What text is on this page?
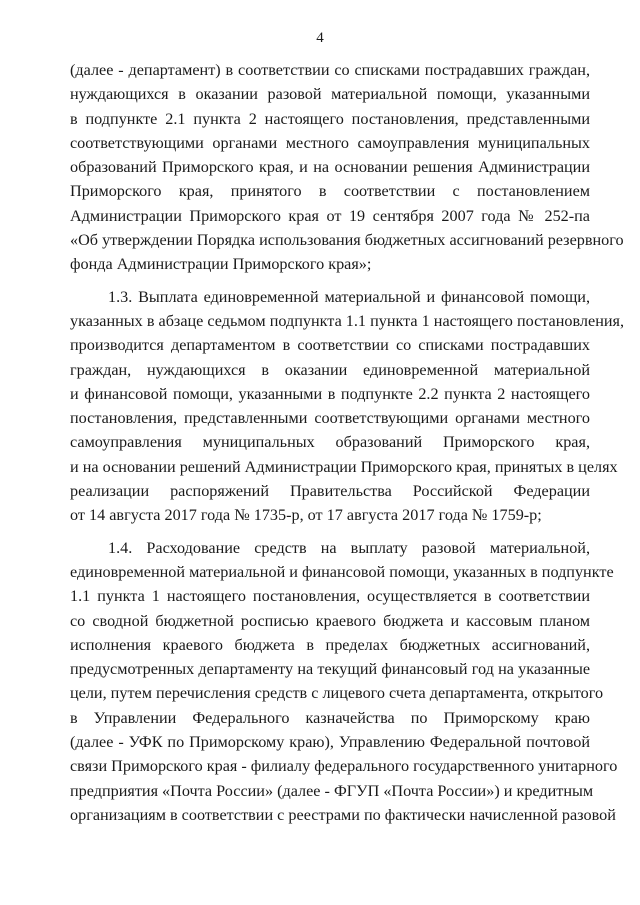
4
(далее - департамент) в соответствии со списками пострадавших граждан,
нуждающихся в оказании разовой материальной помощи, указанными
в подпункте 2.1 пункта 2 настоящего постановления, представленными
соответствующими органами местного самоуправления муниципальных
образований Приморского края, и на основании решения Администрации
Приморского края, принятого в соответствии с постановлением
Администрации Приморского края от 19 сентября 2007 года № 252-па
«Об утверждении Порядка использования бюджетных ассигнований резервного
фонда Администрации Приморского края»;
1.3. Выплата единовременной материальной и финансовой помощи,
указанных в абзаце седьмом подпункта 1.1 пункта 1 настоящего постановления,
производится департаментом в соответствии со списками пострадавших
граждан, нуждающихся в оказании единовременной материальной
и финансовой помощи, указанными в подпункте 2.2 пункта 2 настоящего
постановления, представленными соответствующими органами местного
самоуправления муниципальных образований Приморского края,
и на основании решений Администрации Приморского края, принятых в целях
реализации распоряжений Правительства Российской Федерации
от 14 августа 2017 года № 1735-р, от 17 августа 2017 года № 1759-р;
1.4. Расходование средств на выплату разовой материальной,
единовременной материальной и финансовой помощи, указанных в подпункте
1.1 пункта 1 настоящего постановления, осуществляется в соответствии
со сводной бюджетной росписью краевого бюджета и кассовым планом
исполнения краевого бюджета в пределах бюджетных ассигнований,
предусмотренных департаменту на текущий финансовый год на указанные
цели, путем перечисления средств с лицевого счета департамента, открытого
в Управлении Федерального казначейства по Приморскому краю
(далее - УФК по Приморскому краю), Управлению Федеральной почтовой
связи Приморского края - филиалу федерального государственного унитарного
предприятия «Почта России» (далее - ФГУП «Почта России») и кредитным
организациям в соответствии с реестрами по фактически начисленной разовой
